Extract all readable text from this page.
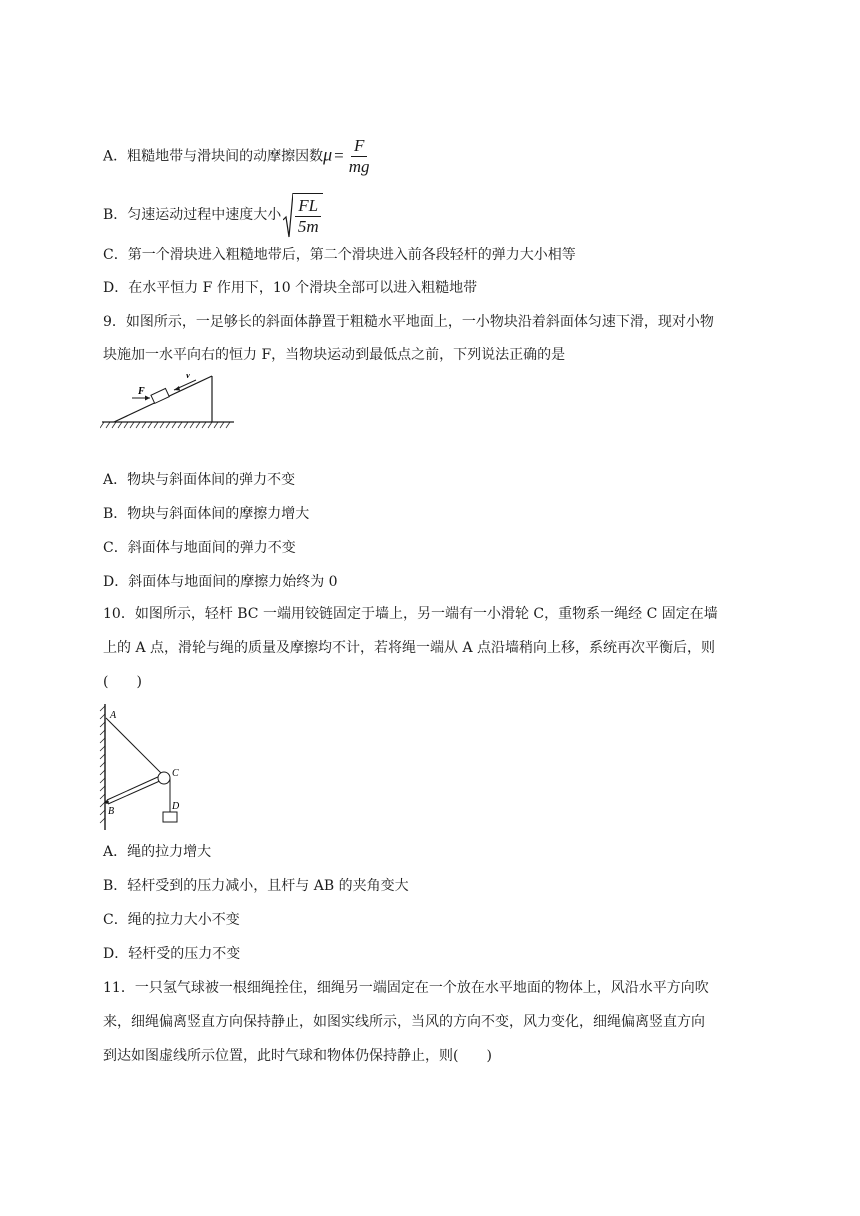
A．粗糙地带与滑块间的动摩擦因数$\mu = \frac{F}{mg}$
B．匀速运动过程中速度大小 $\frac{FL}{5m}$
C．第一个滑块进入粗糙地带后，第二个滑块进入前各段轻杆的弹力大小相等
D．在水平恒力 F 作用下，10 个滑块全部可以进入粗糙地带
9．如图所示，一足够长的斜面体静置于粗糙水平地面上，一小物块沿着斜面体匀速下滑，现对小物
块施加一水平向右的恒力 F，当物块运动到最低点之前，下列说法正确的是
F
v
A．物块与斜面体间的弹力不变
B．物块与斜面体间的摩擦力增大
C．斜面体与地面间的弹力不变
D．斜面体与地面间的摩擦力始终为 0
10．如图所示，轻杆 BC 一端用铰链固定于墙上，另一端有一小滑轮 C，重物系一绳经 C 固定在墙
上的 A 点，滑轮与绳的质量及摩擦均不计，若将绳一端从 A 点沿墙稍向上移，系统再次平衡后，则
(　　)
A
B
C
D
A．绳的拉力增大
B．轻杆受到的压力减小，且杆与 AB 的夹角变大
C．绳的拉力大小不变
D．轻杆受的压力不变
11．一只氢气球被一根细绳拴住，细绳另一端固定在一个放在水平地面的物体上，风沿水平方向吹
来，细绳偏离竖直方向保持静止，如图实线所示，当风的方向不变，风力变化，细绳偏离竖直方向
到达如图虚线所示位置，此时气球和物体仍保持静止，则(　　)
